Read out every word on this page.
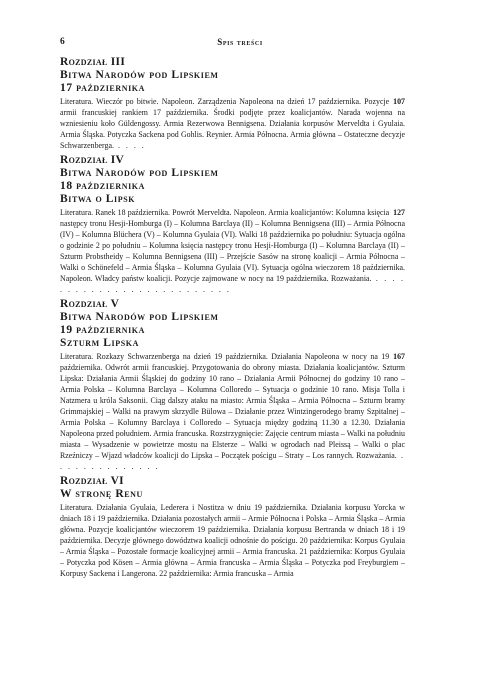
6	Spis treści
Rozdział III
Bitwa Narodów pod Lipskiem
17 października
107
Literatura. Wieczór po bitwie. Napoleon. Zarządzenia Napoleona na dzień 17 października. Pozycje armii francuskiej rankiem 17 października. Środki podjęte przez koalicjantów. Narada wojenna na wzniesieniu koło Güldengossy. Armia Rezerwowa Bennigsena. Działania korpusów Merveldta i Gyulaia. Armia Śląska. Potyczka Sackena pod Gohlis. Reynier. Armia Północna. Armia główna – Ostateczne decyzje Schwarzenberga. . . . .
Rozdział IV
Bitwa Narodów pod Lipskiem
18 października
Bitwa o Lipsk
127
Literatura. Ranek 18 października. Powrót Merveldta. Napoleon. Armia koalicjantów: Kolumna księcia następcy tronu Hesji-Homburga (I) – Kolumna Barclaya (II) – Kolumna Bennigsena (III) – Armia Północna (IV) – Kolumna Blüchera (V) – Kolumna Gyulaia (VI). Walki 18 października po południu: Sytuacja ogólna o godzinie 2 po południu – Kolumna księcia następcy tronu Hesji-Homburga (I) – Kolumna Barclaya (II) – Szturm Probstheidy – Kolumna Bennigsena (III) – Przejście Sasów na stronę koalicji – Armia Północna – Walki o Schönefeld – Armia Śląska – Kolumna Gyulaia (VI). Sytuacja ogólna wieczorem 18 października. Napoleon. Władcy państw koalicji. Pozycje zajmowane w nocy na 19 października. Rozważania. . . . . . . . . . . . . . . . . . . . . . . . . . .
Rozdział V
Bitwa Narodów pod Lipskiem
19 października
Szturm Lipska
167
Literatura. Rozkazy Schwarzenberga na dzień 19 października. Działania Napoleona w nocy na 19 października. Odwrót armii francuskiej. Przygotowania do obrony miasta. Działania koalicjantów. Szturm Lipska: Działania Armii Śląskiej do godziny 10 rano – Działania Armii Północnej do godziny 10 rano – Armia Polska – Kolumna Barclaya – Kolumna Colloredo – Sytuacja o godzinie 10 rano. Misja Tolla i Natzmera u króla Saksonii. Ciąg dalszy ataku na miasto: Armia Śląska – Armia Północna – Szturm bramy Grimmajskiej – Walki na prawym skrzydle Bülowa – Działanie przez Wintzingerodego bramy Szpitalnej – Armia Polska – Kolumny Barclaya i Colloredo – Sytuacja między godziną 11.30 a 12.30. Działania Napoleona przed południem. Armia francuska. Rozstrzygnięcie: Zajęcie centrum miasta – Walki na południu miasta – Wysadzenie w powietrze mostu na Elsterze – Walki w ogrodach nad Pleissą – Walki o plac Rzeźniczy – Wjazd władców koalicji do Lipska – Początek pościgu – Straty – Los rannych. Rozważania. . . . . . . . . . . . . . .
Rozdział VI
W stronę Renu
Literatura. Działania Gyulaia, Lederera i Nostitza w dniu 19 października. Działania korpusu Yorcka w dniach 18 i 19 października. Działania pozostałych armii – Armie Północna i Polska – Armia Śląska – Armia główna. Pozycje koalicjantów wieczorem 19 października. Działania korpusu Bertranda w dniach 18 i 19 października. Decyzje głównego dowództwa koalicji odnośnie do pościgu. 20 października: Korpus Gyulaia – Armia Śląska – Pozostałe formacje koalicyjnej armii – Armia francuska. 21 października: Korpus Gyulaia – Potyczka pod Kösen – Armia główna – Armia francuska – Armia Śląska – Potyczka pod Freyburgiem – Korpusy Sackena i Langerona. 22 października: Armia francuska – Armia
